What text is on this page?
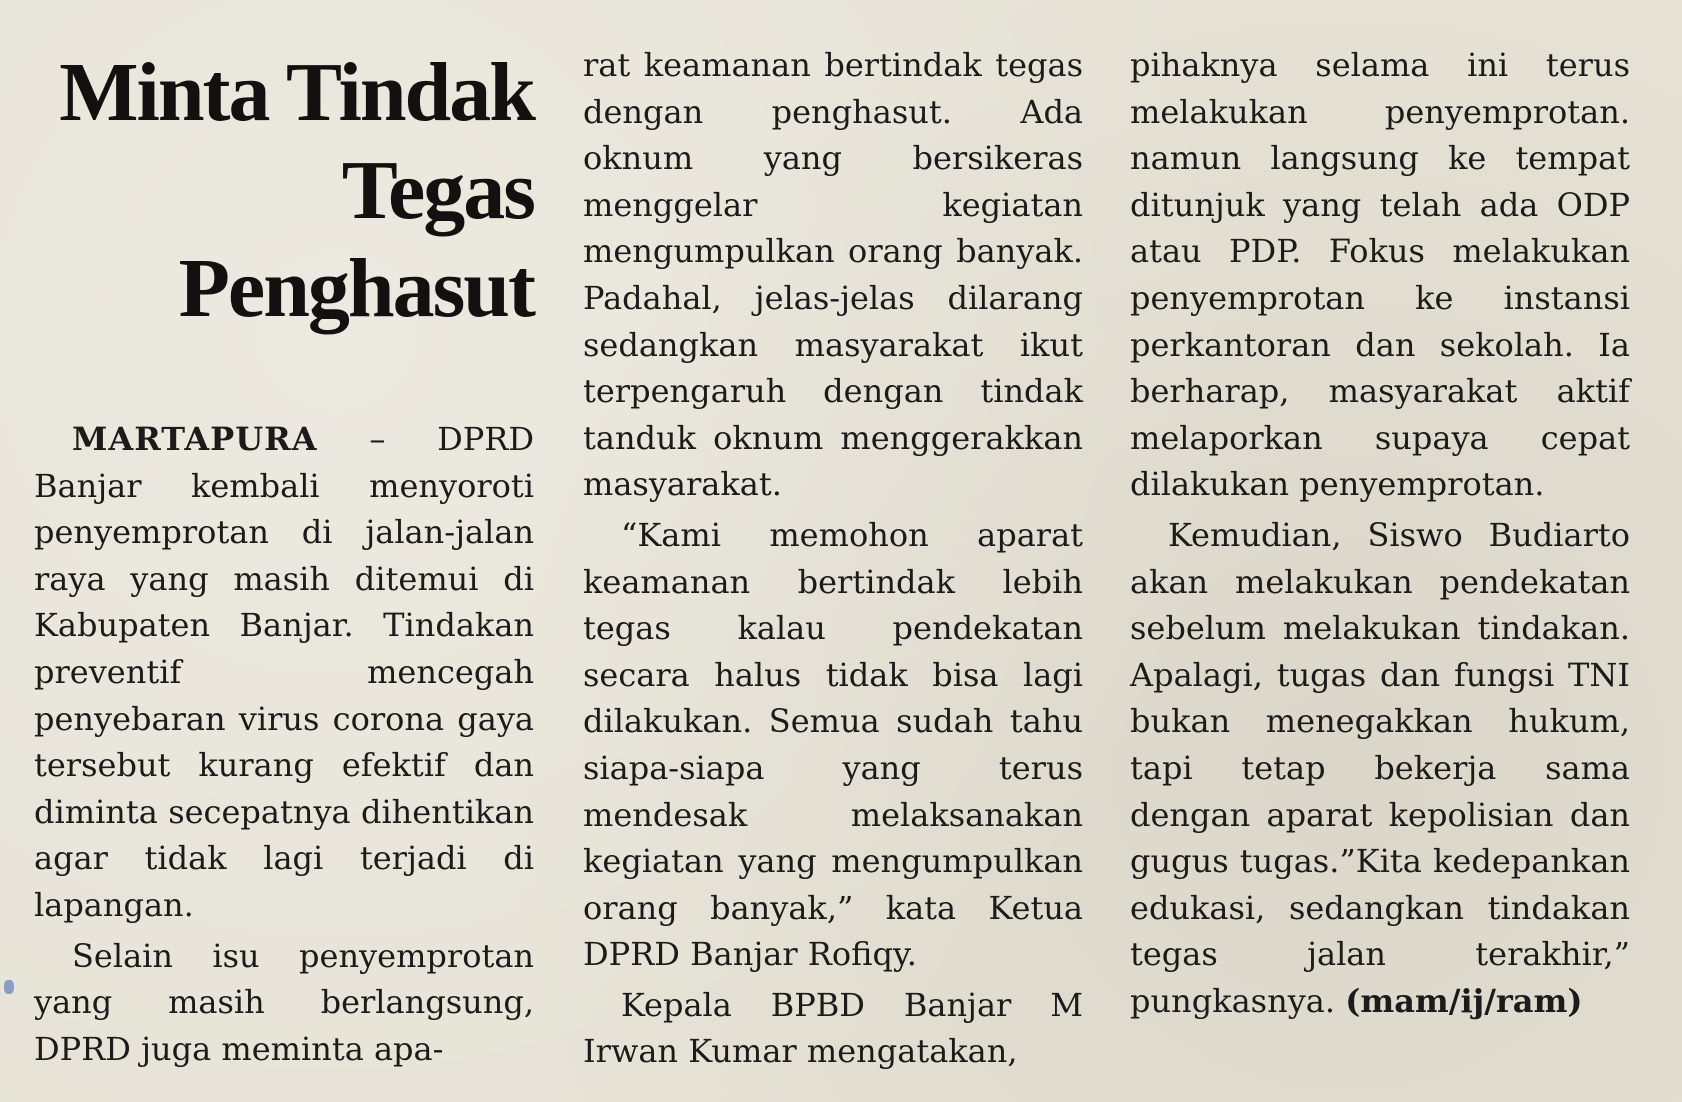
Minta Tindak
Tegas
Penghasut

MARTAPURA – DPRD Banjar kembali menyoroti penyemprotan di jalan-jalan raya yang masih ditemui di Kabupaten Banjar. Tindakan preventif mencegah penyebaran virus corona gaya tersebut kurang efektif dan diminta secepatnya dihentikan agar tidak lagi terjadi di lapangan.

Selain isu penyemprotan yang masih berlangsung, DPRD juga meminta apa-

rat keamanan bertindak tegas dengan penghasut. Ada oknum yang bersikeras menggelar kegiatan mengumpulkan orang banyak. Padahal, jelas-jelas dilarang sedangkan masyarakat ikut terpengaruh dengan tindak tanduk oknum menggerakkan masyarakat.

“Kami memohon aparat keamanan bertindak lebih tegas kalau pendekatan secara halus tidak bisa lagi dilakukan. Semua sudah tahu siapa-siapa yang terus mendesak melaksanakan kegiatan yang mengumpulkan orang banyak,” kata Ketua DPRD Banjar Rofiqy.

Kepala BPBD Banjar M Irwan Kumar mengatakan,

pihaknya selama ini terus melakukan penyemprotan. namun langsung ke tempat ditunjuk yang telah ada ODP atau PDP. Fokus melakukan penyemprotan ke instansi perkantoran dan sekolah. Ia berharap, masyarakat aktif melaporkan supaya cepat dilakukan penyemprotan.

Kemudian, Siswo Budiarto akan melakukan pendekatan sebelum melakukan tindakan. Apalagi, tugas dan fungsi TNI bukan menegakkan hukum, tapi tetap bekerja sama dengan aparat kepolisian dan gugus tugas.”Kita kedepankan edukasi, sedangkan tindakan tegas jalan terakhir,” pungkasnya. (mam/ij/ram)
